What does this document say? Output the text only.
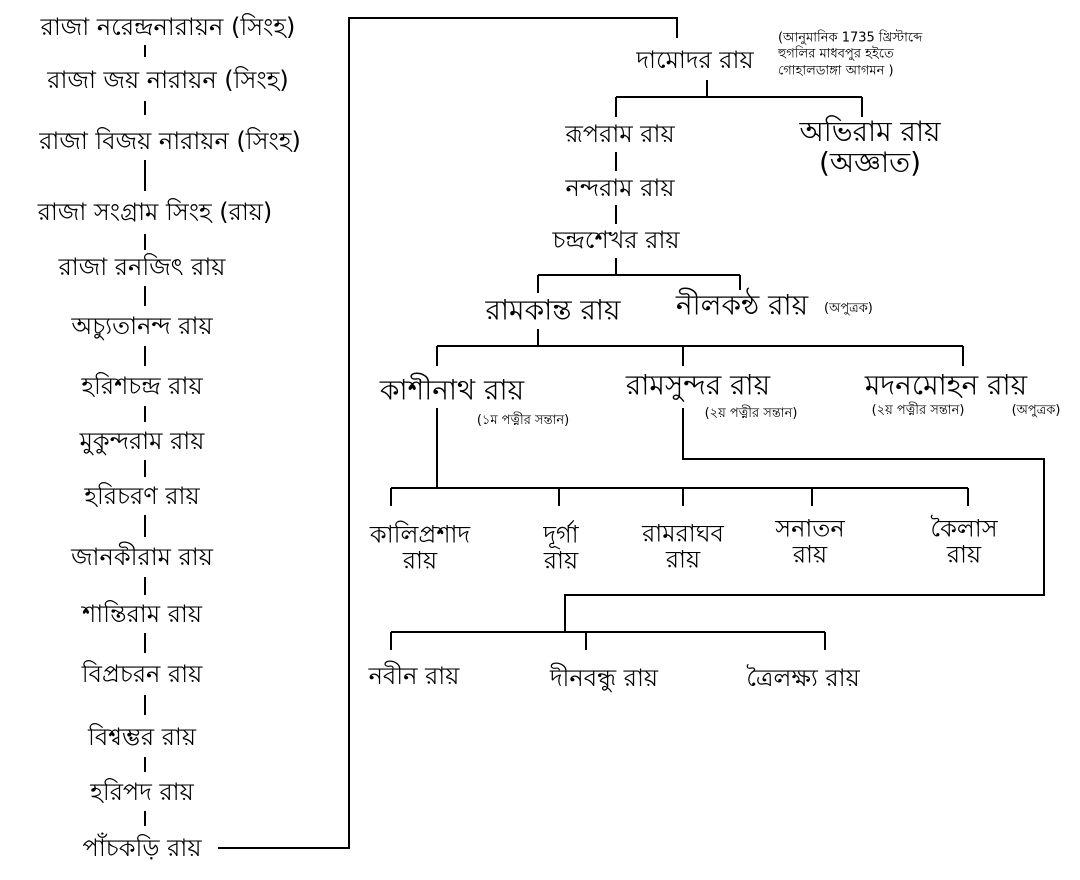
রাজা নরেন্দ্রনারায়ন (সিংহ)
রাজা জয় নারায়ন (সিংহ)
রাজা বিজয় নারায়ন (সিংহ)
রাজা সংগ্রাম সিংহ (রায়)
রাজা রনজিৎ রায়
অচ্যুতানন্দ রায়
হরিশচন্দ্র রায়
মুকুন্দরাম রায়
হরিচরণ রায়
জানকীরাম রায়
শান্তিরাম রায়
বিপ্রচরন রায়
বিশ্বম্ভর রায়
হরিপদ রায়
পাঁচকড়ি রায়
দামোদর রায়
(আনুমানিক 1735 খ্রিস্টাব্দে
হুগলির মাধবপুর হইতে
গোহালডাঙ্গা আগমন )
রূপরাম রায়	অভিরাম রায়
(অজ্ঞাত)
নন্দরাম রায়
চন্দ্রশেখর রায়
রামকান্ত রায় নীলকন্ঠ রায় (অপুত্রক)
কাশীনাথ রায়
(১ম পত্নীর সন্তান)
রামসুন্দর রায়
(২য় পত্নীর সন্তান)
মদনমোহন রায়
(২য় পত্নীর সন্তান)	(অপুত্রক)
কালিপ্রশাদ
রায়
দূর্গা
রায়
রামরাঘব
রায়
সনাতন
রায়
কৈলাস
রায়
নবীন রায়	দীনবন্ধু রায়	ত্রৈলক্ষ্য রায়
